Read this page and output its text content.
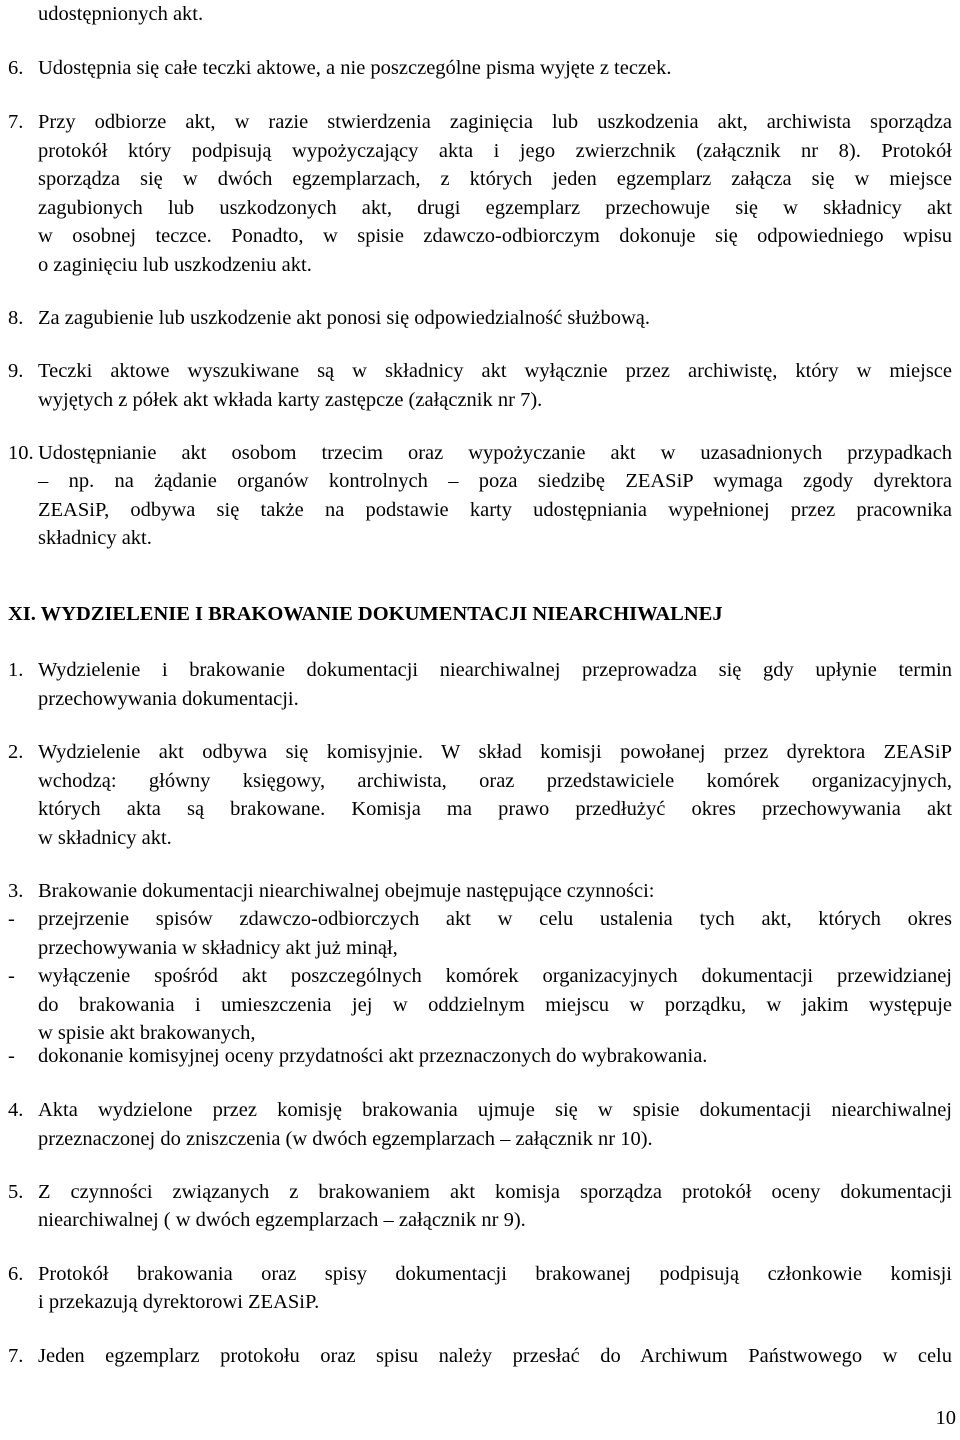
udostępnionych akt.
6. Udostępnia się całe teczki aktowe, a nie poszczególne pisma wyjęte z teczek.
7. Przy odbiorze akt, w razie stwierdzenia zaginięcia lub uszkodzenia akt, archiwista sporządza
protokół który podpisują wypożyczający akta i jego zwierzchnik (załącznik nr 8). Protokół
sporządza się w dwóch egzemplarzach, z których jeden egzemplarz załącza się w miejsce
zagubionych lub uszkodzonych akt, drugi egzemplarz przechowuje się w składnicy akt
w osobnej teczce. Ponadto, w spisie zdawczo-odbiorczym dokonuje się odpowiedniego wpisu
o zaginięciu lub uszkodzeniu akt.
8. Za zagubienie lub uszkodzenie akt ponosi się odpowiedzialność służbową.
9. Teczki aktowe wyszukiwane są w składnicy akt wyłącznie przez archiwistę, który w miejsce
wyjętych z półek akt wkłada karty zastępcze (załącznik nr 7).
10. Udostępnianie akt osobom trzecim oraz wypożyczanie akt w uzasadnionych przypadkach
– np. na żądanie organów kontrolnych – poza siedzibę ZEASiP wymaga zgody dyrektora
ZEASiP, odbywa się także na podstawie karty udostępniania wypełnionej przez pracownika
składnicy akt.
XI. WYDZIELENIE I BRAKOWANIE DOKUMENTACJI NIEARCHIWALNEJ
1. Wydzielenie i brakowanie dokumentacji niearchiwalnej przeprowadza się gdy upłynie termin
przechowywania dokumentacji.
2. Wydzielenie akt odbywa się komisyjnie. W skład komisji powołanej przez dyrektora ZEASiP
wchodzą: główny księgowy, archiwista, oraz przedstawiciele komórek organizacyjnych,
których akta są brakowane. Komisja ma prawo przedłużyć okres przechowywania akt
w składnicy akt.
3. Brakowanie dokumentacji niearchiwalnej obejmuje następujące czynności:
- przejrzenie spisów zdawczo-odbiorczych akt w celu ustalenia tych akt, których okres
przechowywania w składnicy akt już minął,
- wyłączenie spośród akt poszczególnych komórek organizacyjnych dokumentacji przewidzianej
do brakowania i umieszczenia jej w oddzielnym miejscu w porządku, w jakim występuje
w spisie akt brakowanych,
- dokonanie komisyjnej oceny przydatności akt przeznaczonych do wybrakowania.
4. Akta wydzielone przez komisję brakowania ujmuje się w spisie dokumentacji niearchiwalnej
przeznaczonej do zniszczenia (w dwóch egzemplarzach – załącznik nr 10).
5. Z czynności związanych z brakowaniem akt komisja sporządza protokół oceny dokumentacji
niearchiwalnej ( w dwóch egzemplarzach – załącznik nr 9).
6. Protokół brakowania oraz spisy dokumentacji brakowanej podpisują członkowie komisji
i przekazują dyrektorowi ZEASiP.
7. Jeden egzemplarz protokołu oraz spisu należy przesłać do Archiwum Państwowego w celu
10
